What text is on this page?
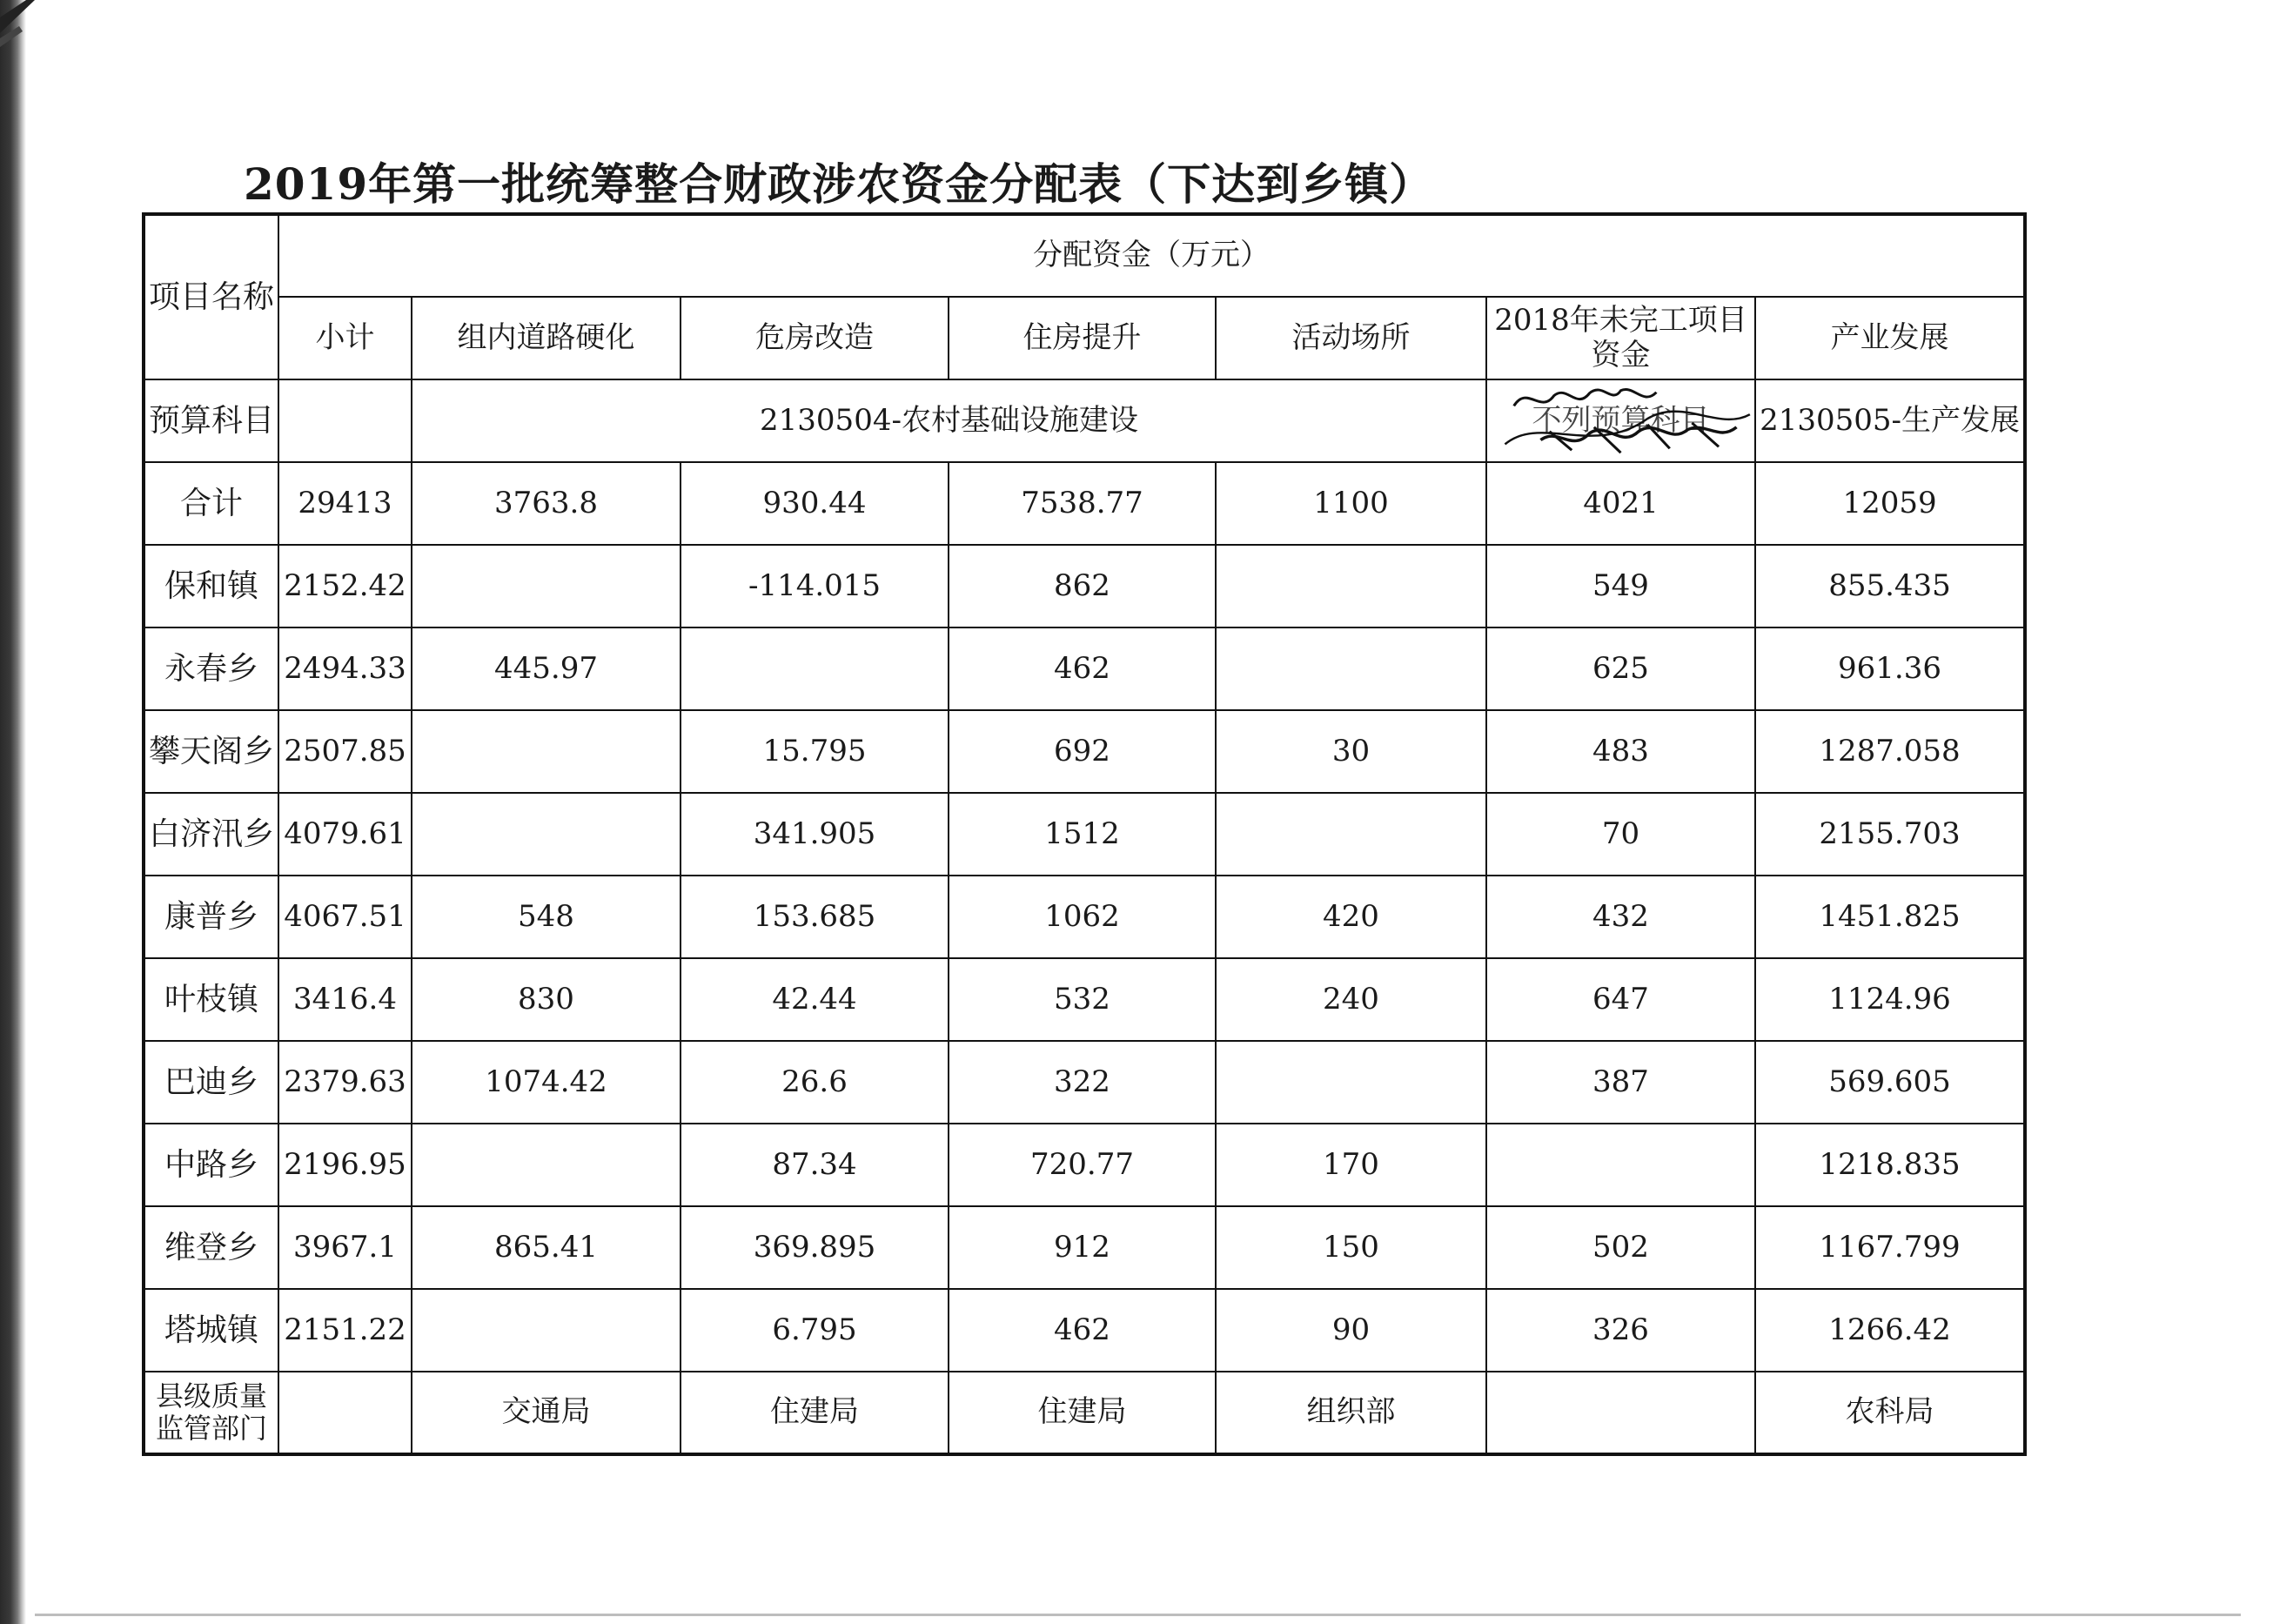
2019年第一批统筹整合财政涉农资金分配表（下达到乡镇）
项目名称	分配资金（万元）						
	小计	组内道路硬化	危房改造	住房提升	活动场所	2018年未完工项目资金	产业发展
预算科目		2130504-农村基础设施建设				不列预算科目	2130505-生产发展
合计	29413	3763.8	930.44	7538.77	1100	4021	12059
保和镇	2152.42		-114.015	862		549	855.435
永春乡	2494.33	445.97		462		625	961.36
攀天阁乡	2507.85		15.795	692	30	483	1287.058
白济汛乡	4079.61		341.905	1512		70	2155.703
康普乡	4067.51	548	153.685	1062	420	432	1451.825
叶枝镇	3416.4	830	42.44	532	240	647	1124.96
巴迪乡	2379.63	1074.42	26.6	322		387	569.605
中路乡	2196.95		87.34	720.77	170		1218.835
维登乡	3967.1	865.41	369.895	912	150	502	1167.799
塔城镇	2151.22		6.795	462	90	326	1266.42
县级质量监管部门		交通局	住建局	住建局	组织部		农科局
